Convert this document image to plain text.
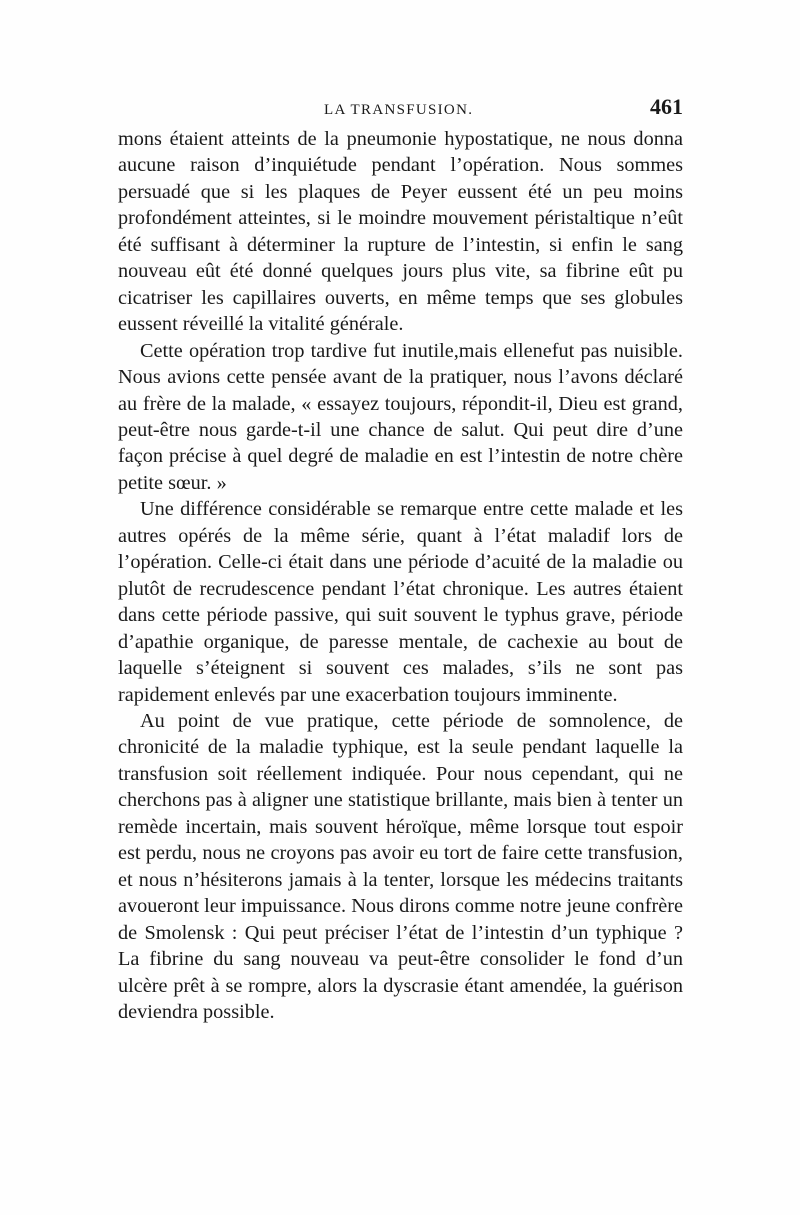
LA TRANSFUSION.	461

mons étaient atteints de la pneumonie hypostatique, ne nous donna aucune raison d’inquiétude pendant l’opération. Nous sommes persuadé que si les plaques de Peyer eussent été un peu moins profondément atteintes, si le moindre mouvement péristaltique n’eût été suffisant à déterminer la rupture de l’intestin, si enfin le sang nouveau eût été donné quelques jours plus vite, sa fibrine eût pu cicatriser les capillaires ouverts, en même temps que ses globules eussent réveillé la vitalité générale.

Cette opération trop tardive fut inutile,mais ellenefut pas nuisible. Nous avions cette pensée avant de la pratiquer, nous l’avons déclaré au frère de la malade, « essayez toujours, répondit-il, Dieu est grand, peut-être nous garde-t-il une chance de salut. Qui peut dire d’une façon précise à quel degré de maladie en est l’intestin de notre chère petite sœur. »

Une différence considérable se remarque entre cette malade et les autres opérés de la même série, quant à l’état maladif lors de l’opération. Celle-ci était dans une période d’acuité de la maladie ou plutôt de recrudescence pendant l’état chronique. Les autres étaient dans cette période passive, qui suit souvent le typhus grave, période d’apathie organique, de paresse mentale, de cachexie au bout de laquelle s’éteignent si souvent ces malades, s’ils ne sont pas rapidement enlevés par une exacerbation toujours imminente.

Au point de vue pratique, cette période de somnolence, de chronicité de la maladie typhique, est la seule pendant laquelle la transfusion soit réellement indiquée. Pour nous cependant, qui ne cherchons pas à aligner une statistique brillante, mais bien à tenter un remède incertain, mais souvent héroïque, même lorsque tout espoir est perdu, nous ne croyons pas avoir eu tort de faire cette transfusion, et nous n’hésiterons jamais à la tenter, lorsque les médecins traitants avoueront leur impuissance. Nous dirons comme notre jeune confrère de Smolensk : Qui peut préciser l’état de l’intestin d’un typhique ? La fibrine du sang nouveau va peut-être consolider le fond d’un ulcère prêt à se rompre, alors la dyscrasie étant amendée, la guérison deviendra possible.
